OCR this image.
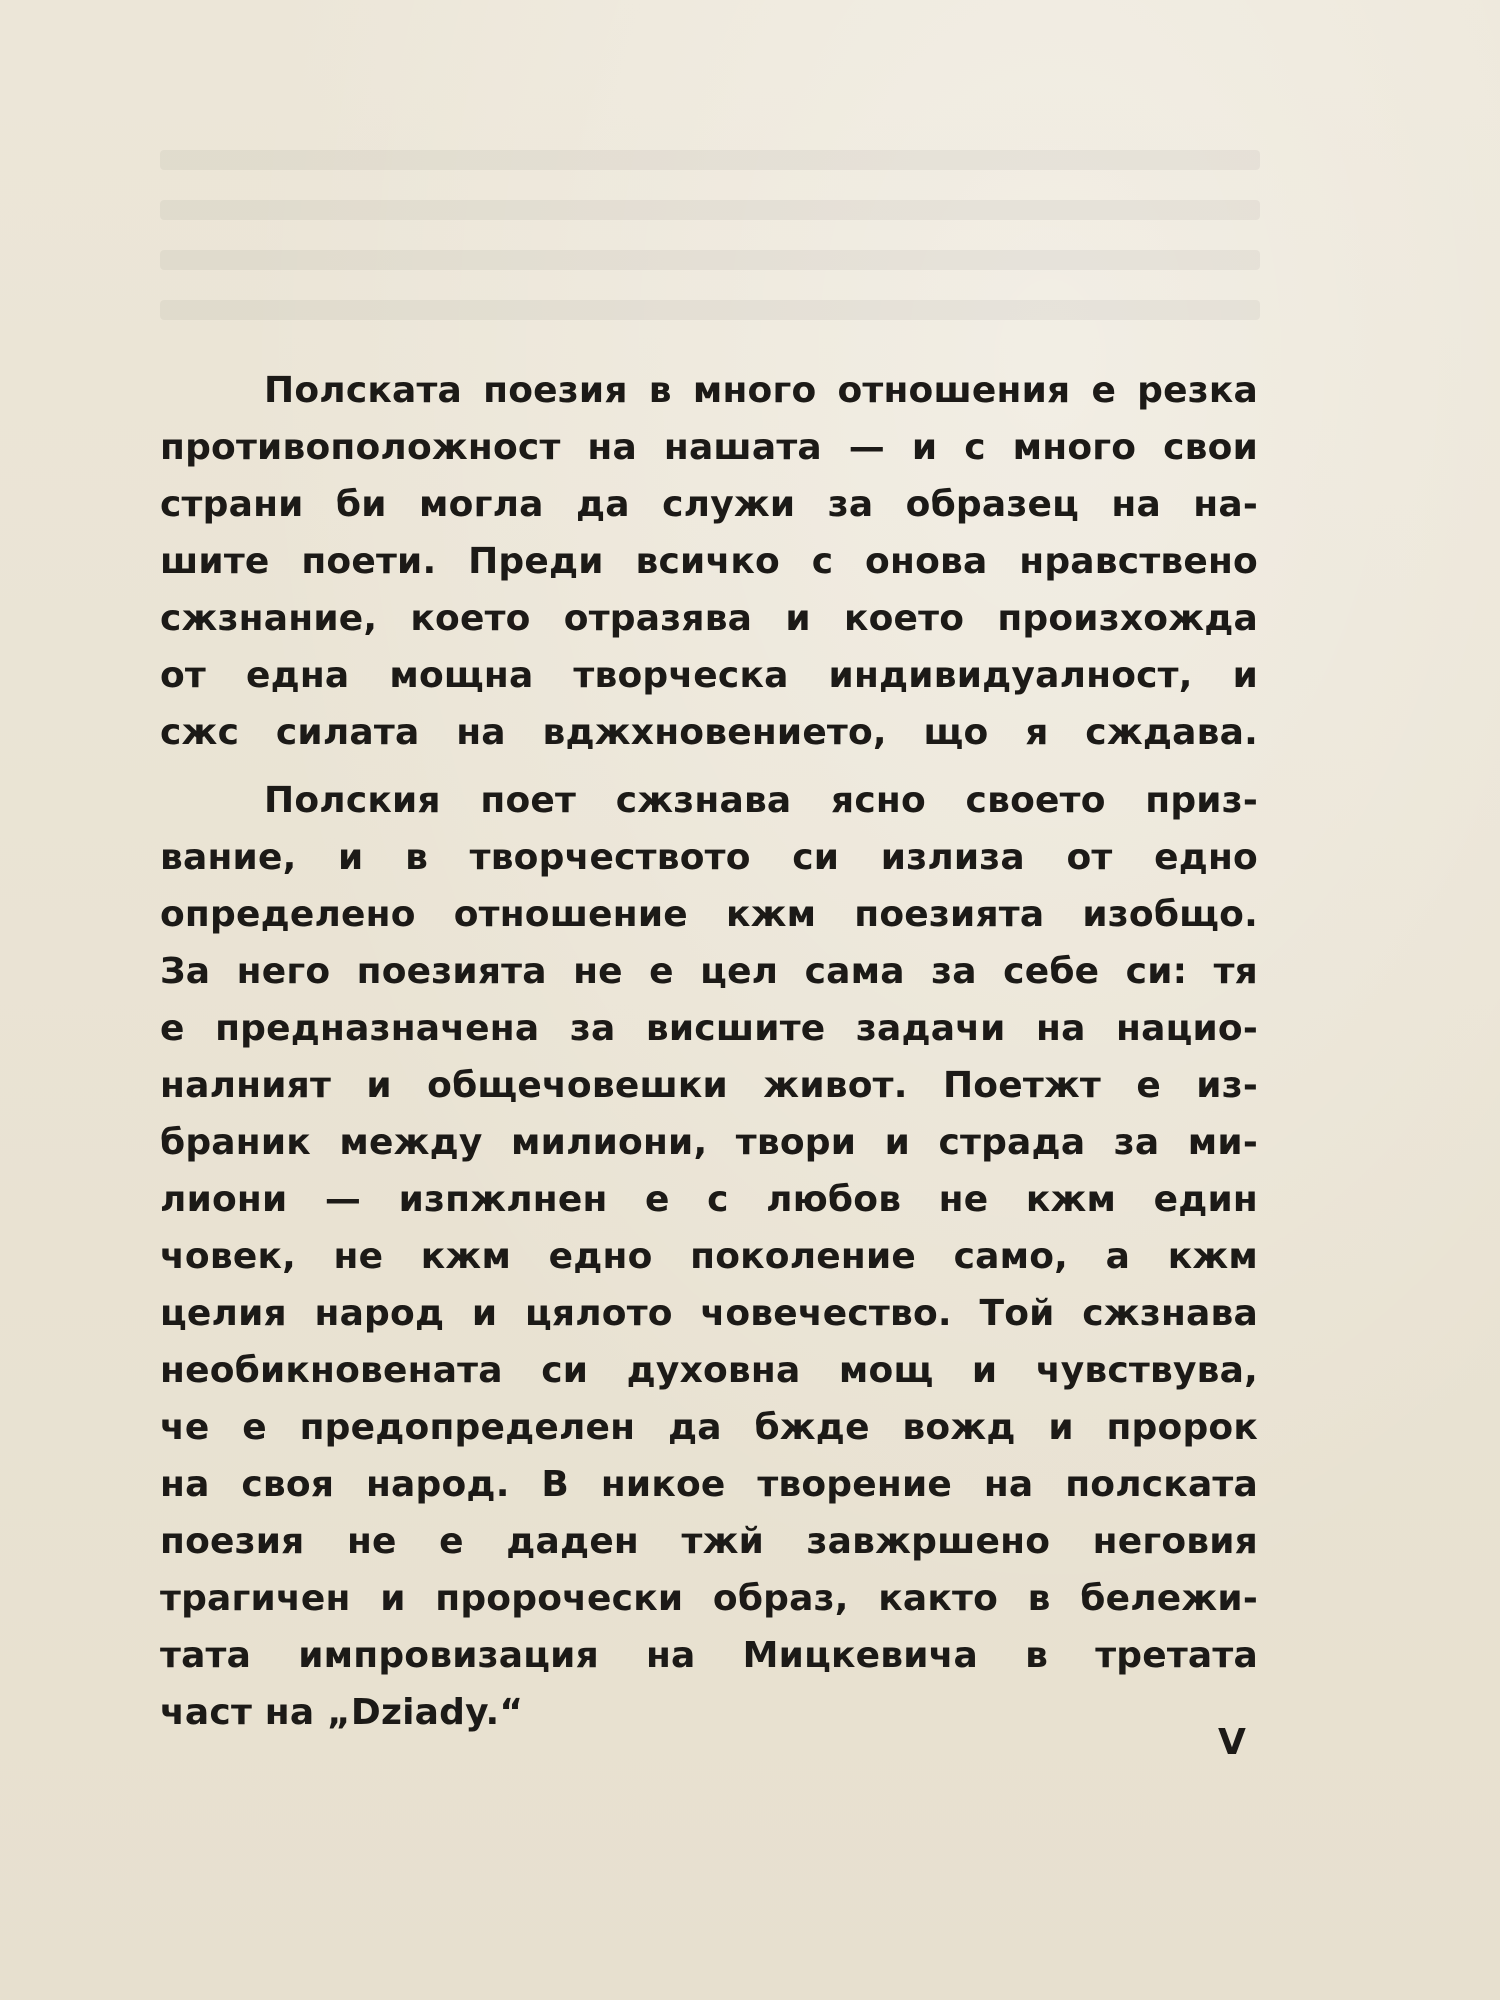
Полската поезия в много отношения е резка
противоположност на нашата — и с много свои
страни би могла да служи за образец на на-
шите поети. Преди всичко с онова нравствено
сжзнание, което отразява и което произхожда
от една мощна творческа индивидуалност, и
сжс силата на вджхновението, що я сждава.

Полския поет сжзнава ясно своето приз-
вание, и в творчеството си излиза от едно
определено отношение кжм поезията изобщо.
За него поезията не е цел сама за себе си: тя
е предназначена за висшите задачи на нацио-
налният и общечовешки живот. Поетжт е из-
браник между милиони, твори и страда за ми-
лиони — изпжлнен е с любов не кжм един
човек, не кжм едно поколение само, а кжм
целия народ и цялото човечество. Той сжзнава
необикновената си духовна мощ и чувствува,
че е предопределен да бжде вожд и пророк
на своя народ. В никое творение на полската
поезия не е даден тжй завжршено неговия
трагичен и пророчески образ, както в бележи-
тата импровизация на Мицкевича в третата
част на „Dziady.“

V
